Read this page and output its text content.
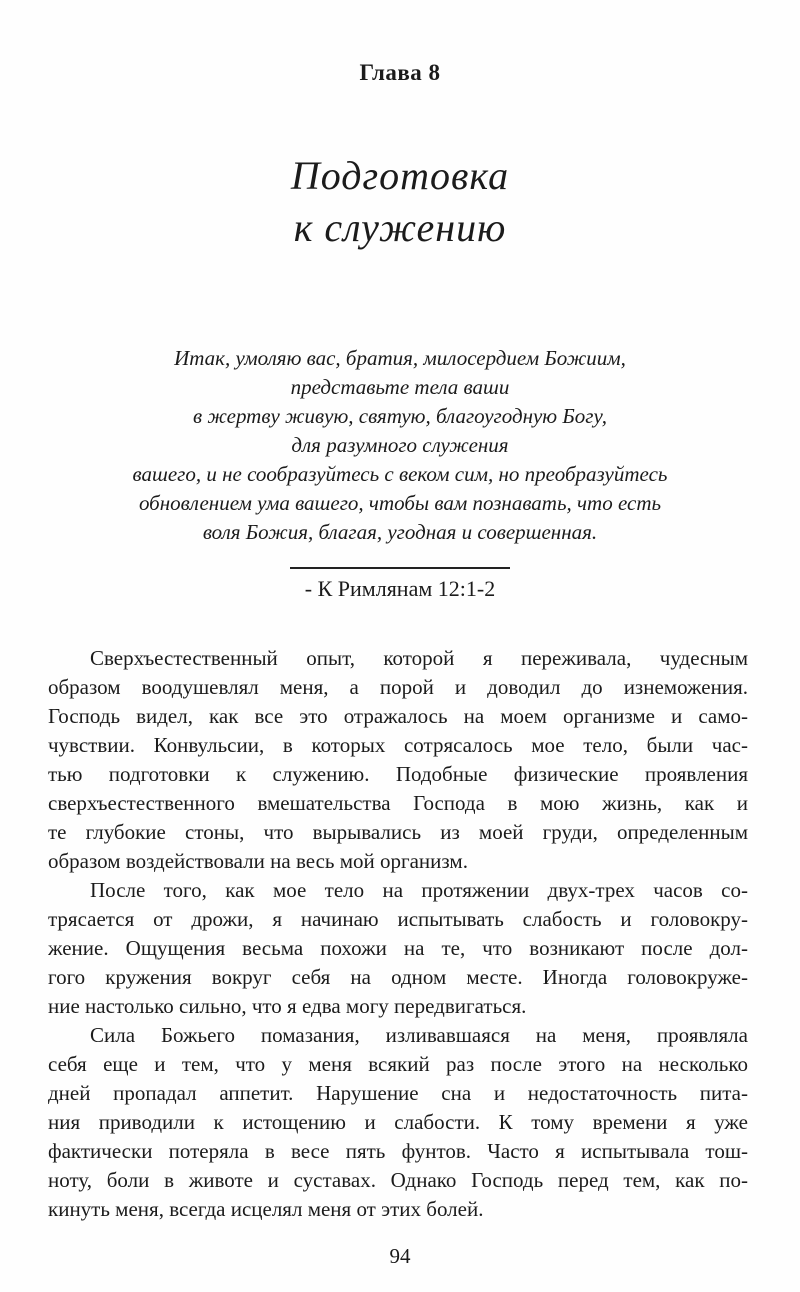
Глава 8
Подготовка
к служению
Итак, умоляю вас, братия, милосердием Божиим,
представьте тела ваши
в жертву живую, святую, благоугодную Богу,
для разумного служения
вашего, и не сообразуйтесь с веком сим, но преобразуйтесь
обновлением ума вашего, чтобы вам познавать, что есть
воля Божия, благая, угодная и совершенная.
- К Римлянам 12:1-2
Сверхъестественный опыт, которой я переживала, чудесным
образом воодушевлял меня, а порой и доводил до изнеможения.
Господь видел, как все это отражалось на моем организме и само-
чувствии. Конвульсии, в которых сотрясалось мое тело, были час-
тью подготовки к служению. Подобные физические проявления
сверхъестественного вмешательства Господа в мою жизнь, как и
те глубокие стоны, что вырывались из моей груди, определенным
образом воздействовали на весь мой организм.
После того, как мое тело на протяжении двух-трех часов со-
трясается от дрожи, я начинаю испытывать слабость и головокру-
жение. Ощущения весьма похожи на те, что возникают после дол-
гого кружения вокруг себя на одном месте. Иногда головокруже-
ние настолько сильно, что я едва могу передвигаться.
Сила Божьего помазания, изливавшаяся на меня, проявляла
себя еще и тем, что у меня всякий раз после этого на несколько
дней пропадал аппетит. Нарушение сна и недостаточность пита-
ния приводили к истощению и слабости. К тому времени я уже
фактически потеряла в весе пять фунтов. Часто я испытывала тош-
ноту, боли в животе и суставах. Однако Господь перед тем, как по-
кинуть меня, всегда исцелял меня от этих болей.
94
